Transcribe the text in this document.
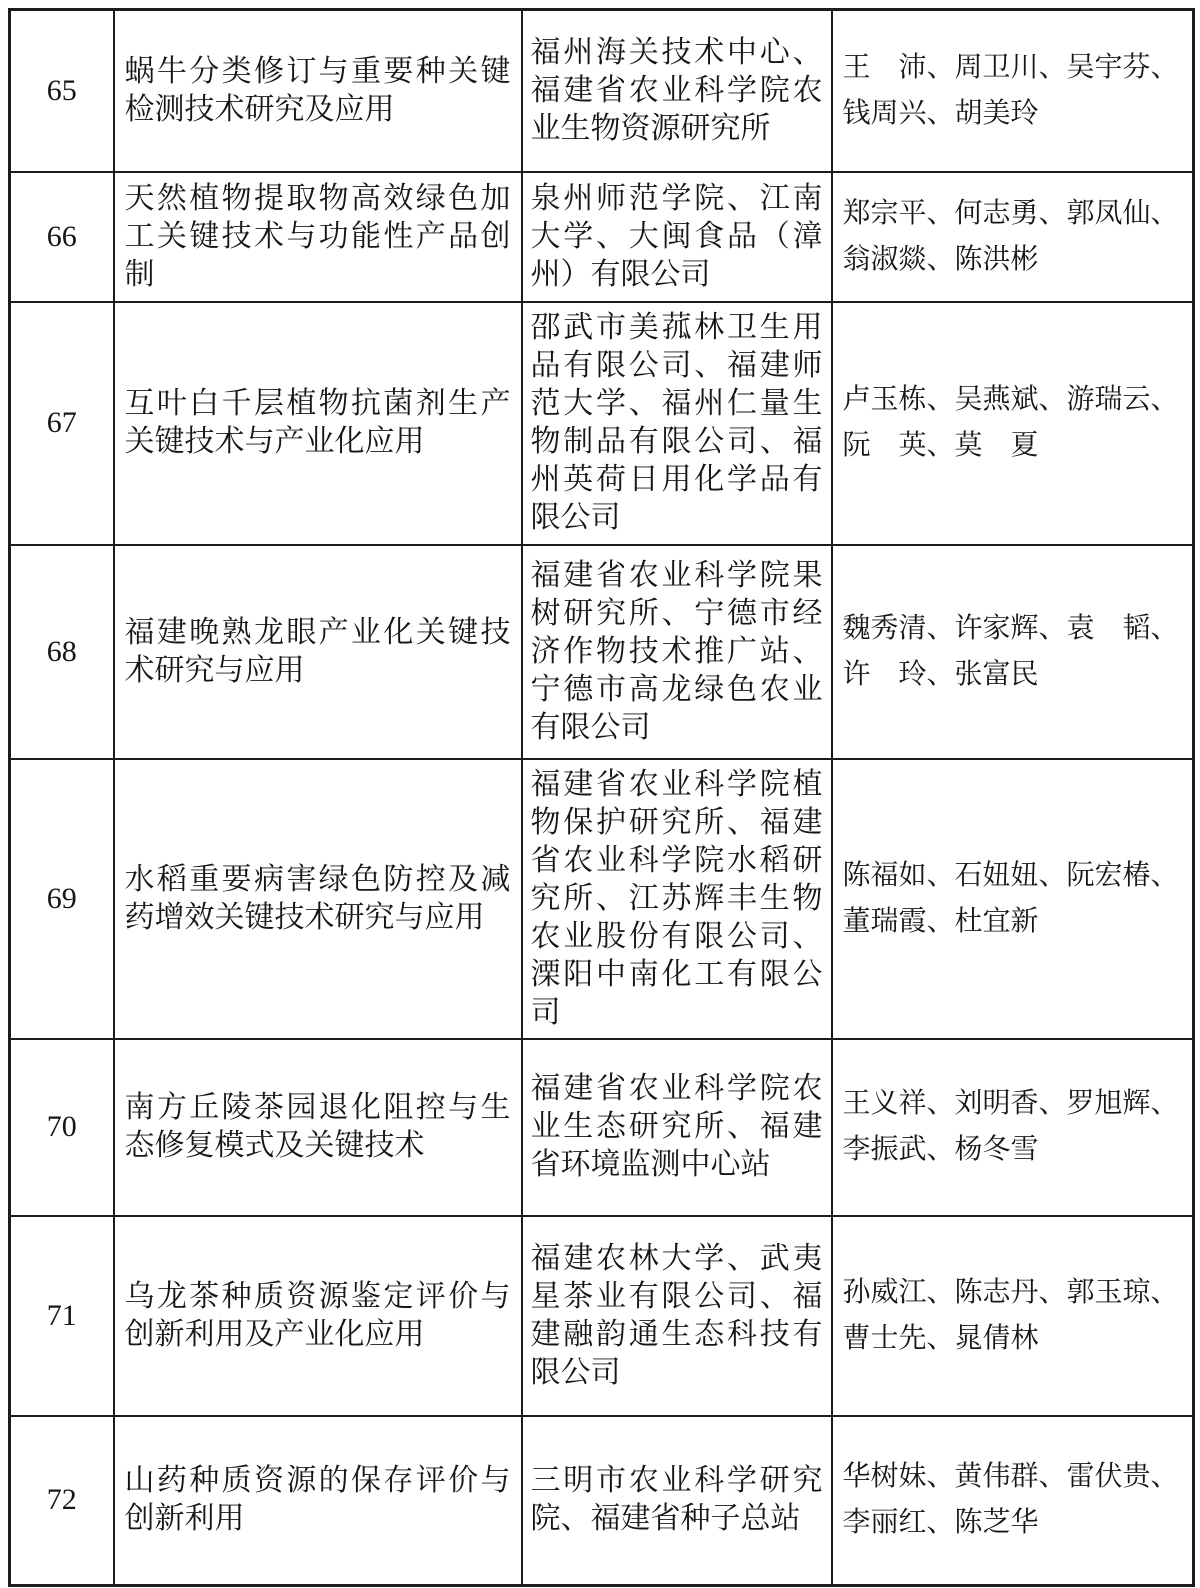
65	蜗牛分类修订与重要种关键检测技术研究及应用	福州海关技术中心、福建省农业科学院农业生物资源研究所	王　沛、周卫川、吴宇芬、钱周兴、胡美玲
66	天然植物提取物高效绿色加工关键技术与功能性产品创制	泉州师范学院、江南大学、大闽食品（漳州）有限公司	郑宗平、何志勇、郭凤仙、翁淑燚、陈洪彬
67	互叶白千层植物抗菌剂生产关键技术与产业化应用	邵武市美菰林卫生用品有限公司、福建师范大学、福州仁量生物制品有限公司、福州英荷日用化学品有限公司	卢玉栋、吴燕斌、游瑞云、阮　英、莫　夏
68	福建晚熟龙眼产业化关键技术研究与应用	福建省农业科学院果树研究所、宁德市经济作物技术推广站、宁德市高龙绿色农业有限公司	魏秀清、许家辉、袁　韬、许　玲、张富民
69	水稻重要病害绿色防控及减药增效关键技术研究与应用	福建省农业科学院植物保护研究所、福建省农业科学院水稻研究所、江苏辉丰生物农业股份有限公司、溧阳中南化工有限公司	陈福如、石妞妞、阮宏椿、董瑞霞、杜宜新
70	南方丘陵茶园退化阻控与生态修复模式及关键技术	福建省农业科学院农业生态研究所、福建省环境监测中心站	王义祥、刘明香、罗旭辉、李振武、杨冬雪
71	乌龙茶种质资源鉴定评价与创新利用及产业化应用	福建农林大学、武夷星茶业有限公司、福建融韵通生态科技有限公司	孙威江、陈志丹、郭玉琼、曹士先、晁倩林
72	山药种质资源的保存评价与创新利用	三明市农业科学研究院、福建省种子总站	华树妹、黄伟群、雷伏贵、李丽红、陈芝华
